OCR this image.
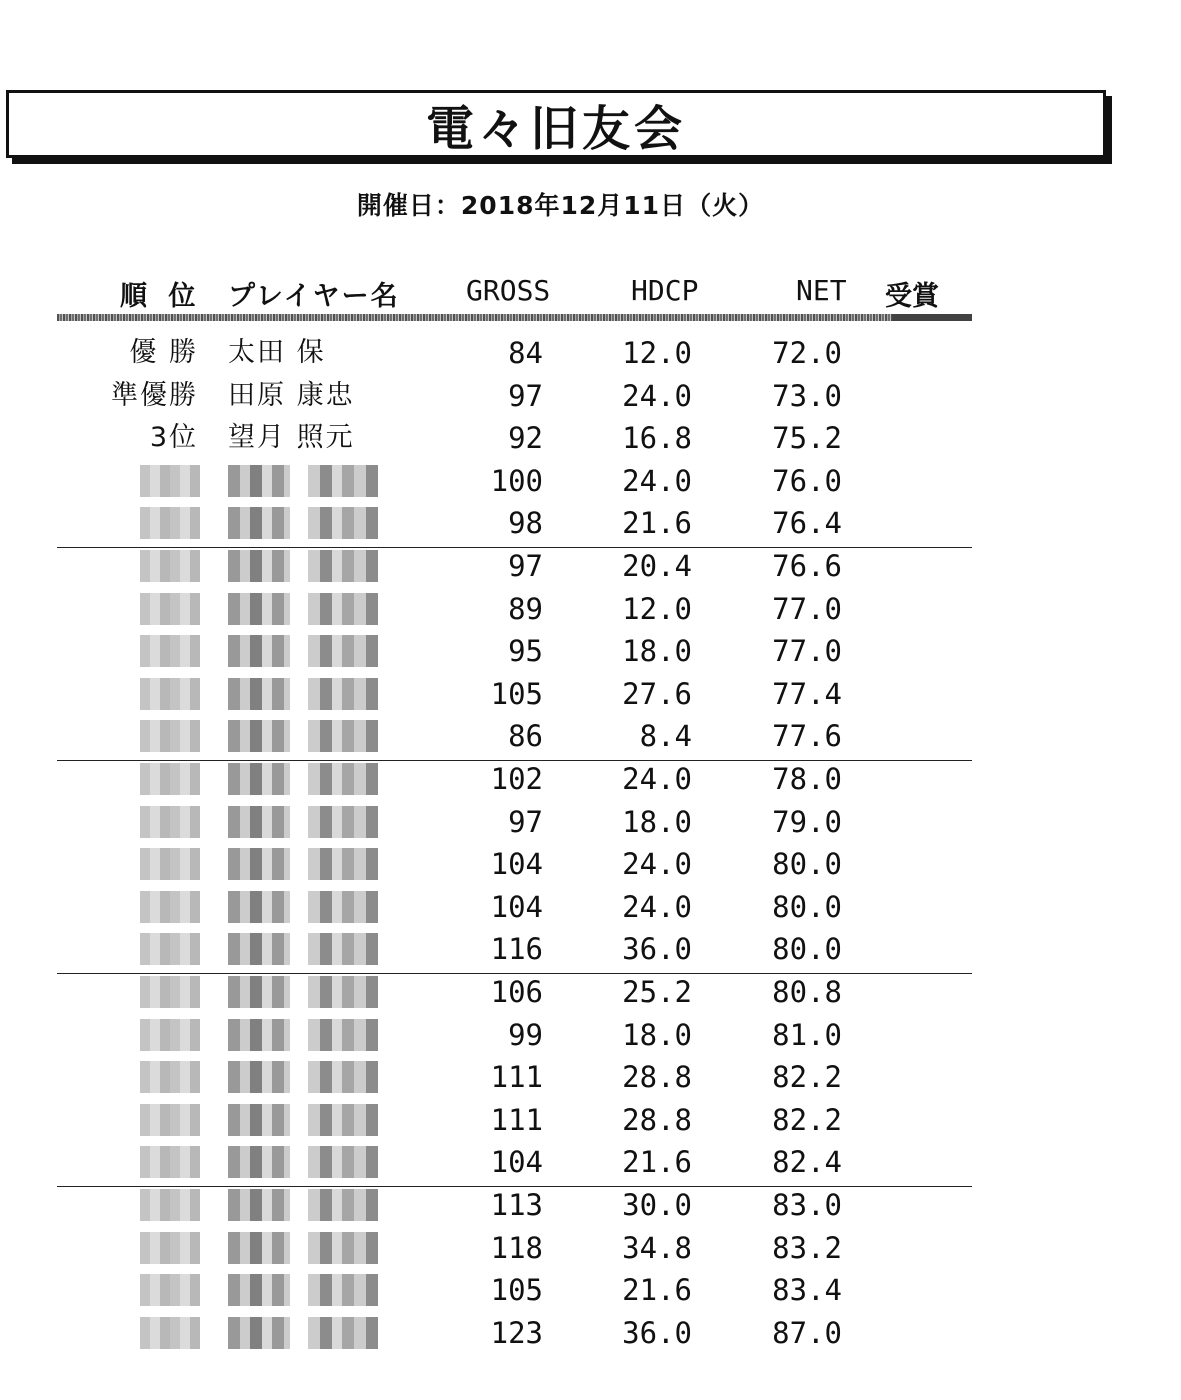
電々旧友会
開催日：2018年12月11日（火）
順 位 プレイヤー名 GROSS	HDCP	NET 受賞
優 勝 太田 保	84	12.0	72.0
準優勝 田原 康忠	97	24.0	73.0
3位 望月 照元	92	16.8	75.2
100	24.0	76.0
98	21.6	76.4
97	20.4	76.6
89	12.0	77.0
95	18.0	77.0
105	27.6	77.4
86	8.4	77.6
102	24.0	78.0
97	18.0	79.0
104	24.0	80.0
104	24.0	80.0
116	36.0	80.0
106	25.2	80.8
99	18.0	81.0
111	28.8	82.2
111	28.8	82.2
104	21.6	82.4
113	30.0	83.0
118	34.8	83.2
105	21.6	83.4
123	36.0	87.0
